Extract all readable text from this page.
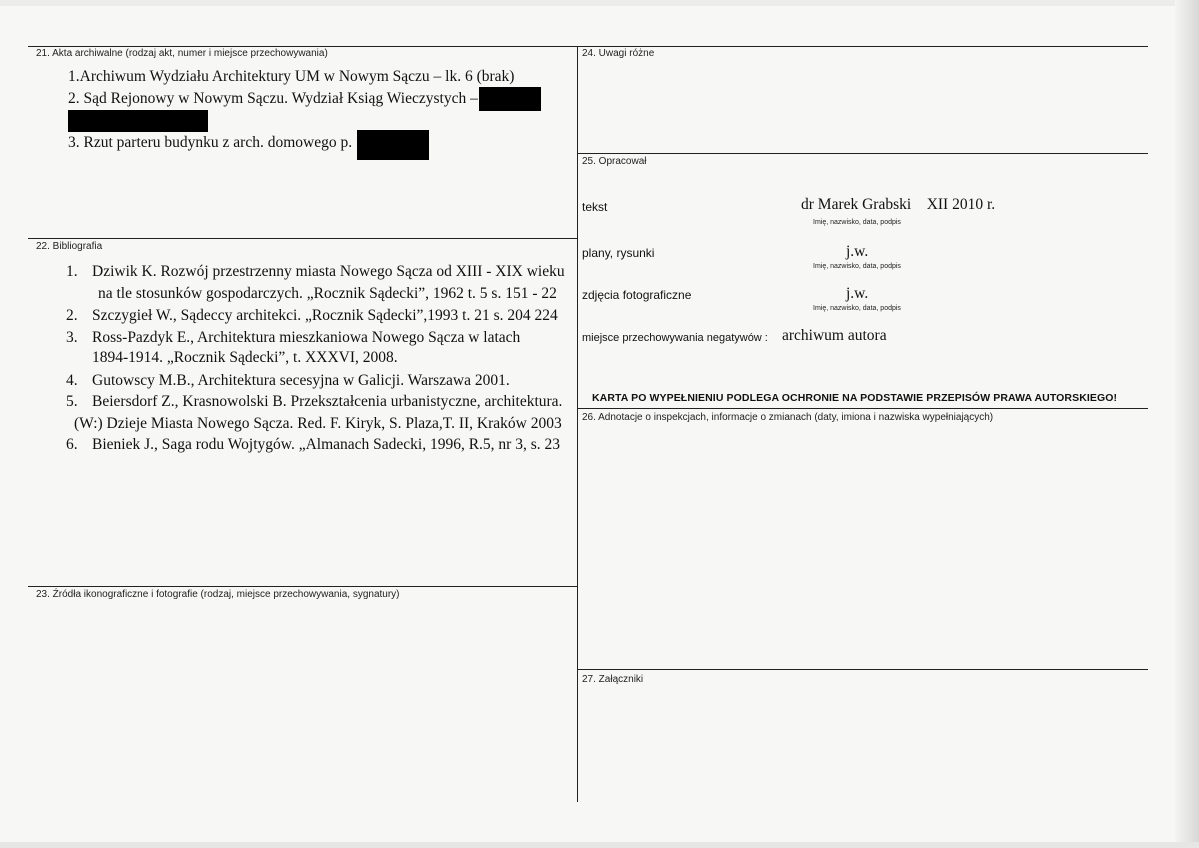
21. Akta archiwalne (rodzaj akt, numer i miejsce przechowywania)
1.Archiwum Wydziału Architektury UM w Nowym Sączu – lk. 6 (brak)
2. Sąd Rejonowy w Nowym Sączu. Wydział Ksiąg Wieczystych –
3. Rzut parteru budynku z arch. domowego p.
22. Bibliografia
1. Dziwik K. Rozwój przestrzenny miasta Nowego Sącza od XIII - XIX wieku
na tle stosunków gospodarczych. „Rocznik Sądecki”, 1962 t. 5 s. 151 - 22
2. Szczygieł W., Sądeccy architekci. „Rocznik Sądecki”,1993 t. 21 s. 204 224
3. Ross-Pazdyk E., Architektura mieszkaniowa Nowego Sącza w latach
1894-1914. „Rocznik Sądecki”, t. XXXVI, 2008.
4. Gutowscy M.B., Architektura secesyjna w Galicji. Warszawa 2001.
5. Beiersdorf Z., Krasnowolski B. Przekształcenia urbanistyczne, architektura.
(W:) Dzieje Miasta Nowego Sącza. Red. F. Kiryk, S. Plaza,T. II, Kraków 2003
6. Bieniek J., Saga rodu Wojtygów. „Almanach Sadecki, 1996, R.5, nr 3, s. 23
23. Źródła ikonograficzne i fotografie (rodzaj, miejsce przechowywania, sygnatury)
24. Uwagi różne
25. Opracował
tekst	dr Marek Grabski    XII 2010 r.
Imię, nazwisko, data, podpis
plany, rysunki	j.w.
Imię, nazwisko, data, podpis
zdjęcia fotograficzne	j.w.
Imię, nazwisko, data, podpis
miejsce przechowywania negatywów : archiwum autora
KARTA PO WYPEŁNIENIU PODLEGA OCHRONIE NA PODSTAWIE PRZEPISÓW PRAWA AUTORSKIEGO!
26. Adnotacje o inspekcjach, informacje o zmianach (daty, imiona i nazwiska wypełniających)
27. Załączniki
